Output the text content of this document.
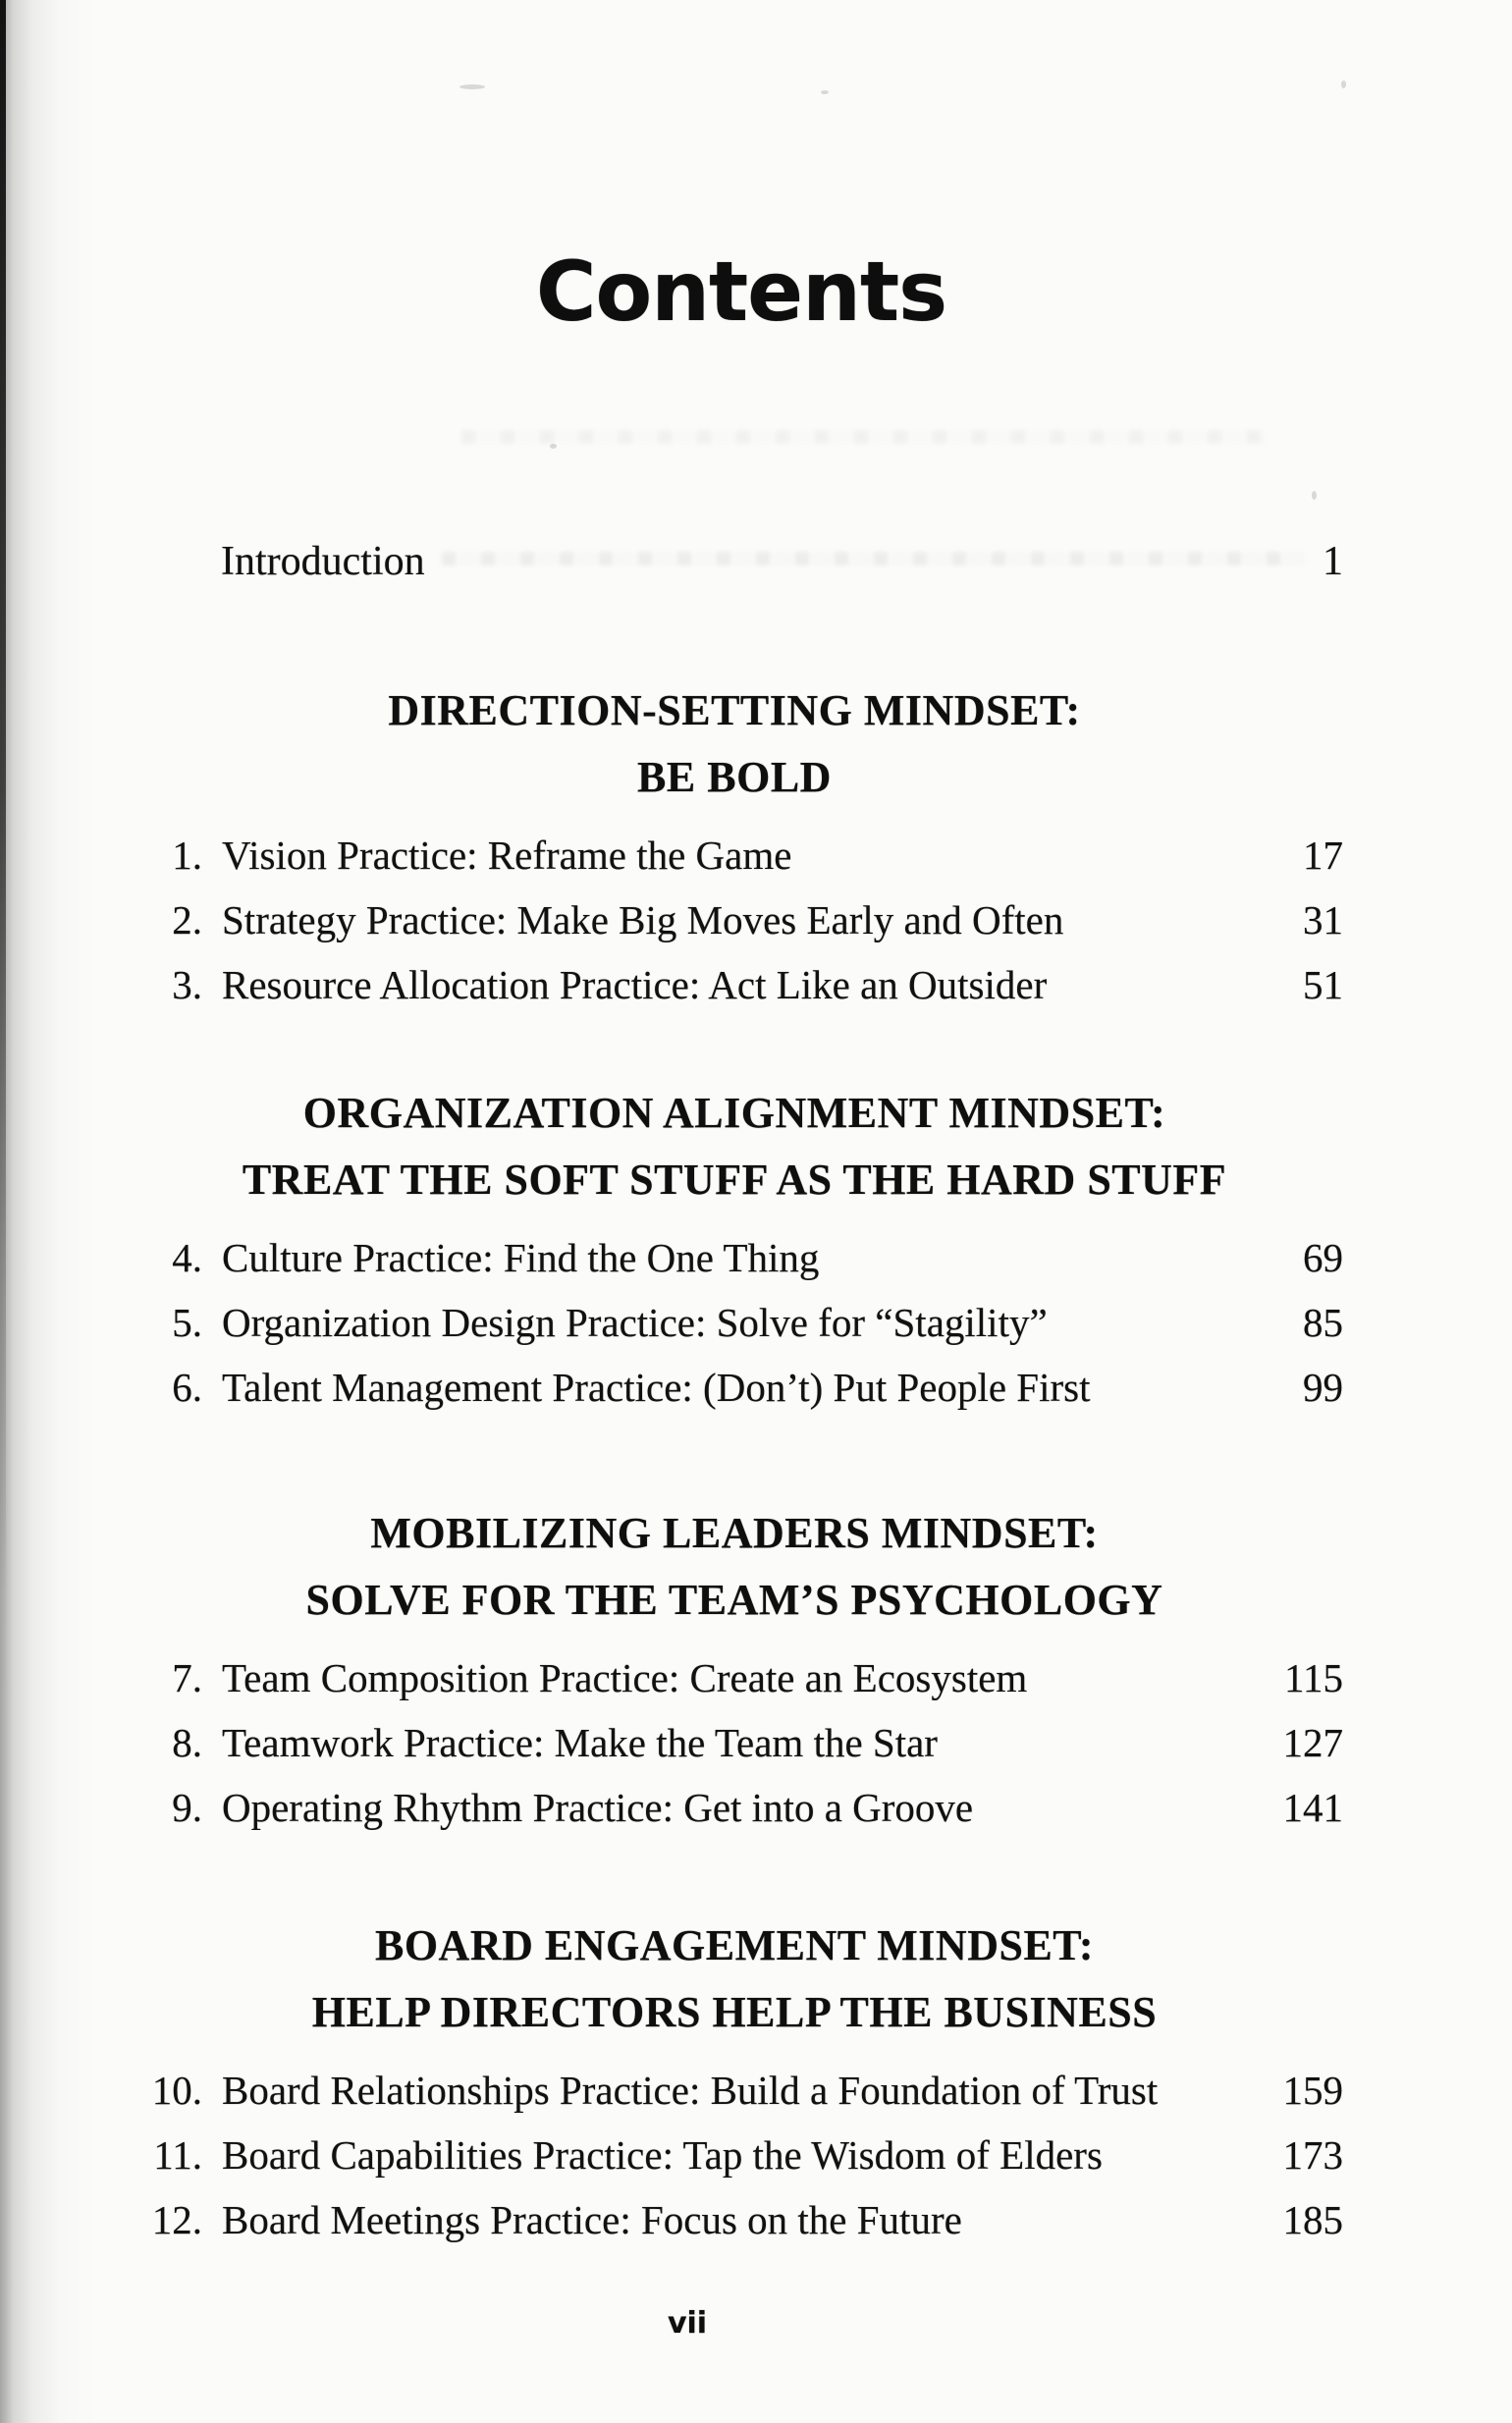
Contents
Introduction	1
DIRECTION-SETTING MINDSET:
BE BOLD
1. Vision Practice: Reframe the Game	17
2. Strategy Practice: Make Big Moves Early and Often	31
3. Resource Allocation Practice: Act Like an Outsider	51
ORGANIZATION ALIGNMENT MINDSET:
TREAT THE SOFT STUFF AS THE HARD STUFF
4. Culture Practice: Find the One Thing	69
5. Organization Design Practice: Solve for “Stagility”	85
6. Talent Management Practice: (Don’t) Put People First	99
MOBILIZING LEADERS MINDSET:
SOLVE FOR THE TEAM’S PSYCHOLOGY
7. Team Composition Practice: Create an Ecosystem	115
8. Teamwork Practice: Make the Team the Star	127
9. Operating Rhythm Practice: Get into a Groove	141
BOARD ENGAGEMENT MINDSET:
HELP DIRECTORS HELP THE BUSINESS
10. Board Relationships Practice: Build a Foundation of Trust	159
11. Board Capabilities Practice: Tap the Wisdom of Elders	173
12. Board Meetings Practice: Focus on the Future	185
vii
